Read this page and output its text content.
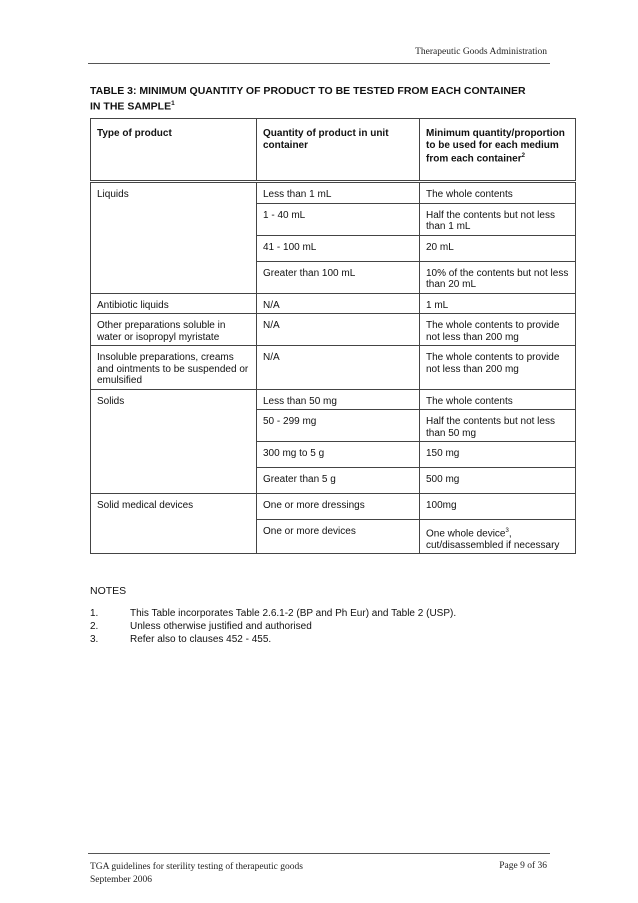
Therapeutic Goods Administration
TABLE 3: MINIMUM QUANTITY OF PRODUCT TO BE TESTED FROM EACH CONTAINER
IN THE SAMPLE$^1$
Type of product	Quantity of product in unit container	Minimum quantity/proportion to be used for each medium from each container$^2$
Liquids	Less than 1 mL	The whole contents
	1 - 40 mL	Half the contents but not less than 1 mL
	41 - 100 mL	20 mL
	Greater than 100 mL	10% of the contents but not less than 20 mL
Antibiotic liquids	N/A	1 mL
Other preparations soluble in water or isopropyl myristate	N/A	The whole contents to provide not less than 200 mg
Insoluble preparations, creams and ointments to be suspended or emulsified	N/A	The whole contents to provide not less than 200 mg
Solids	Less than 50 mg	The whole contents
	50 - 299 mg	Half the contents but not less than 50 mg
	300 mg to 5 g	150 mg
	Greater than 5 g	500 mg
Solid medical devices	One or more dressings	100mg
	One or more devices	One whole device$^3$, cut/disassembled if necessary
NOTES
1.	This Table incorporates Table 2.6.1-2 (BP and Ph Eur) and Table 2 (USP).
2.	Unless otherwise justified and authorised
3.	Refer also to clauses 452 - 455.
TGA guidelines for sterility testing of therapeutic goods
September 2006
Page 9 of 36
